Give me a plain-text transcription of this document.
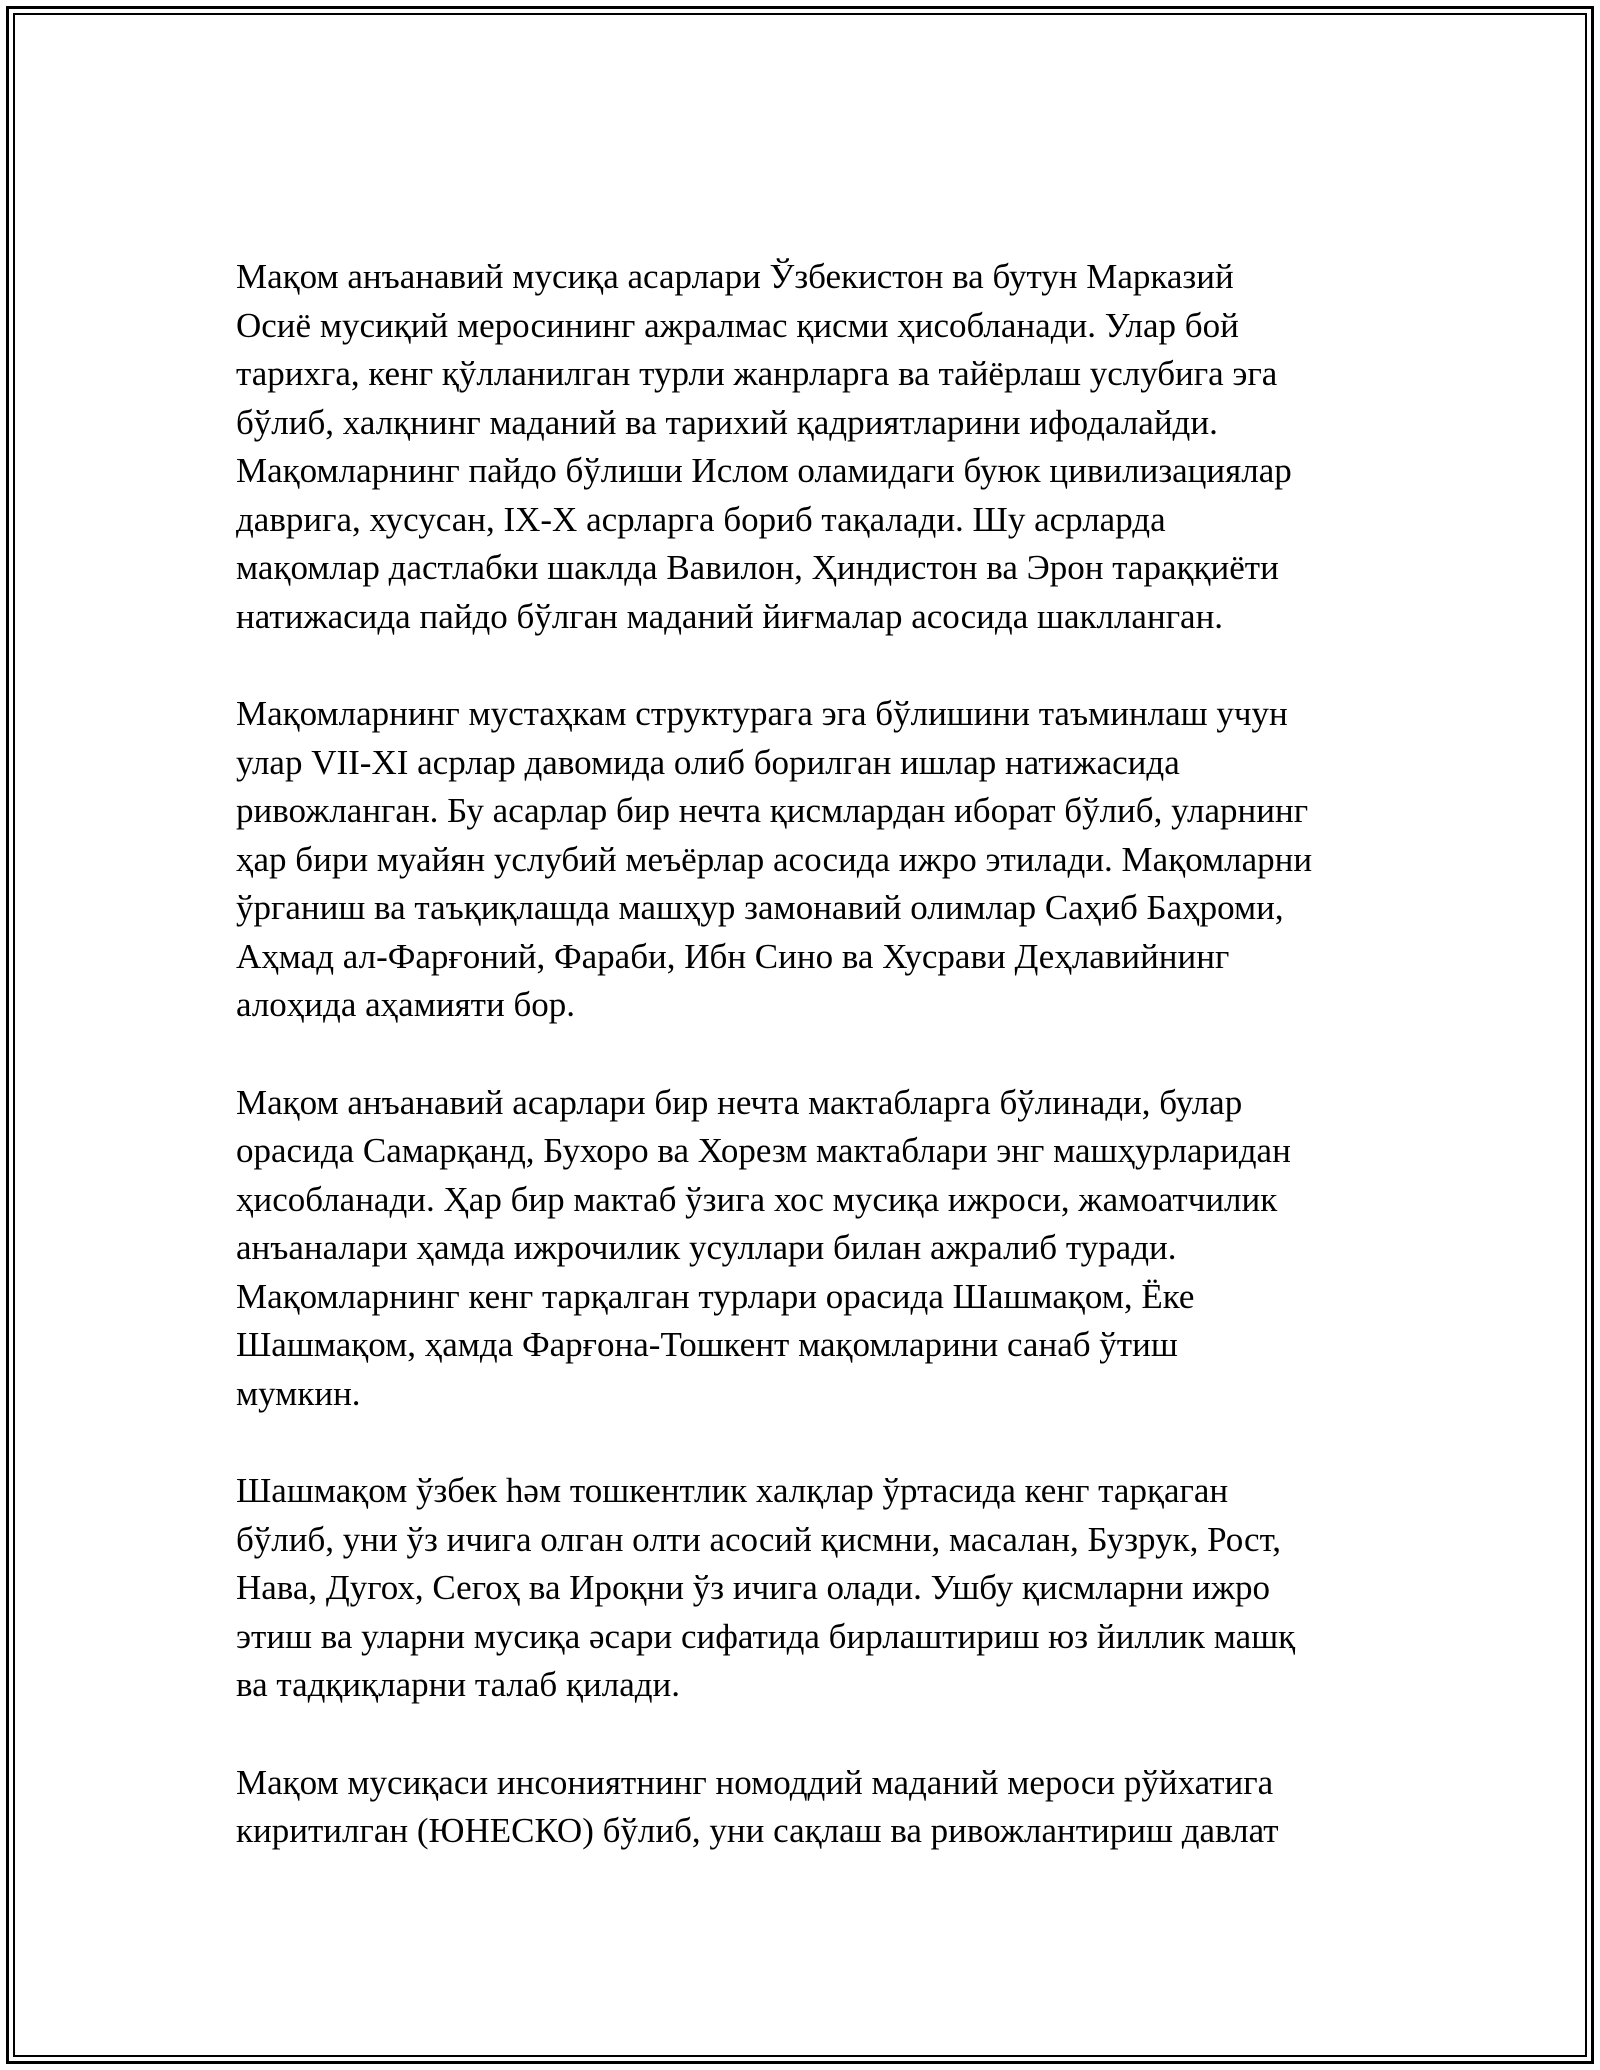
Мақом анъанавий мусиқа асарлари Ўзбекистон ва бутун Марказий
Осиё мусиқий меросининг ажралмас қисми ҳисобланади. Улар бой
тарихга, кенг қўлланилган турли жанрларга ва тайёрлаш услубига эга
бўлиб, халқнинг маданий ва тарихий қадриятларини ифодалайди.
Мақомларнинг пайдо бўлиши Ислом оламидаги буюк цивилизациялар
даврига, хусусан, IX-X асрларга бориб тақалади. Шу асрларда
мақомлар дастлабки шаклда Вавилон, Ҳиндистон ва Эрон тараққиёти
натижасида пайдо бўлган маданий йиғмалар асосида шаклланган.
Мақомларнинг мустаҳкам структурага эга бўлишини таъминлаш учун
улар VII-XI асрлар давомида олиб борилган ишлар натижасида
ривожланган. Бу асарлар бир нечта қисмлардан иборат бўлиб, уларнинг
ҳар бири муайян услубий меъёрлар асосида ижро этилади. Мақомларни
ўрганиш ва таъқиқлашда машҳур замонавий олимлар Саҳиб Баҳроми,
Аҳмад ал-Фарғоний, Фараби, Ибн Сино ва Хусрави Деҳлавийнинг
алоҳида аҳамияти бор.
Мақом анъанавий асарлари бир нечта мактабларга бўлинади, булар
орасида Самарқанд, Бухоро ва Хорезм мактаблари энг машҳурларидан
ҳисобланади. Ҳар бир мактаб ўзига хос мусиқа ижроси, жамоатчилик
анъаналари ҳамда ижрочилик усуллари билан ажралиб туради.
Мақомларнинг кенг тарқалган турлари орасида Шашмақом, Ёке
Шашмақом, ҳамда Фарғона-Тошкент мақомларини санаб ўтиш
мумкин.
Шашмақом ўзбек һәм тошкентлик халқлар ўртасида кенг тарқаган
бўлиб, уни ўз ичига олган олти асосий қисмни, масалан, Бузрук, Рост,
Нава, Дугох, Сегоҳ ва Ироқни ўз ичига олади. Ушбу қисмларни ижро
этиш ва уларни мусиқа әсари сифатида бирлаштириш юз йиллик машқ
ва тадқиқларни талаб қилади.
Мақом мусиқаси инсониятнинг номоддий маданий мероси рўйхатига
киритилган (ЮНЕСКО) бўлиб, уни сақлаш ва ривожлантириш давлат
